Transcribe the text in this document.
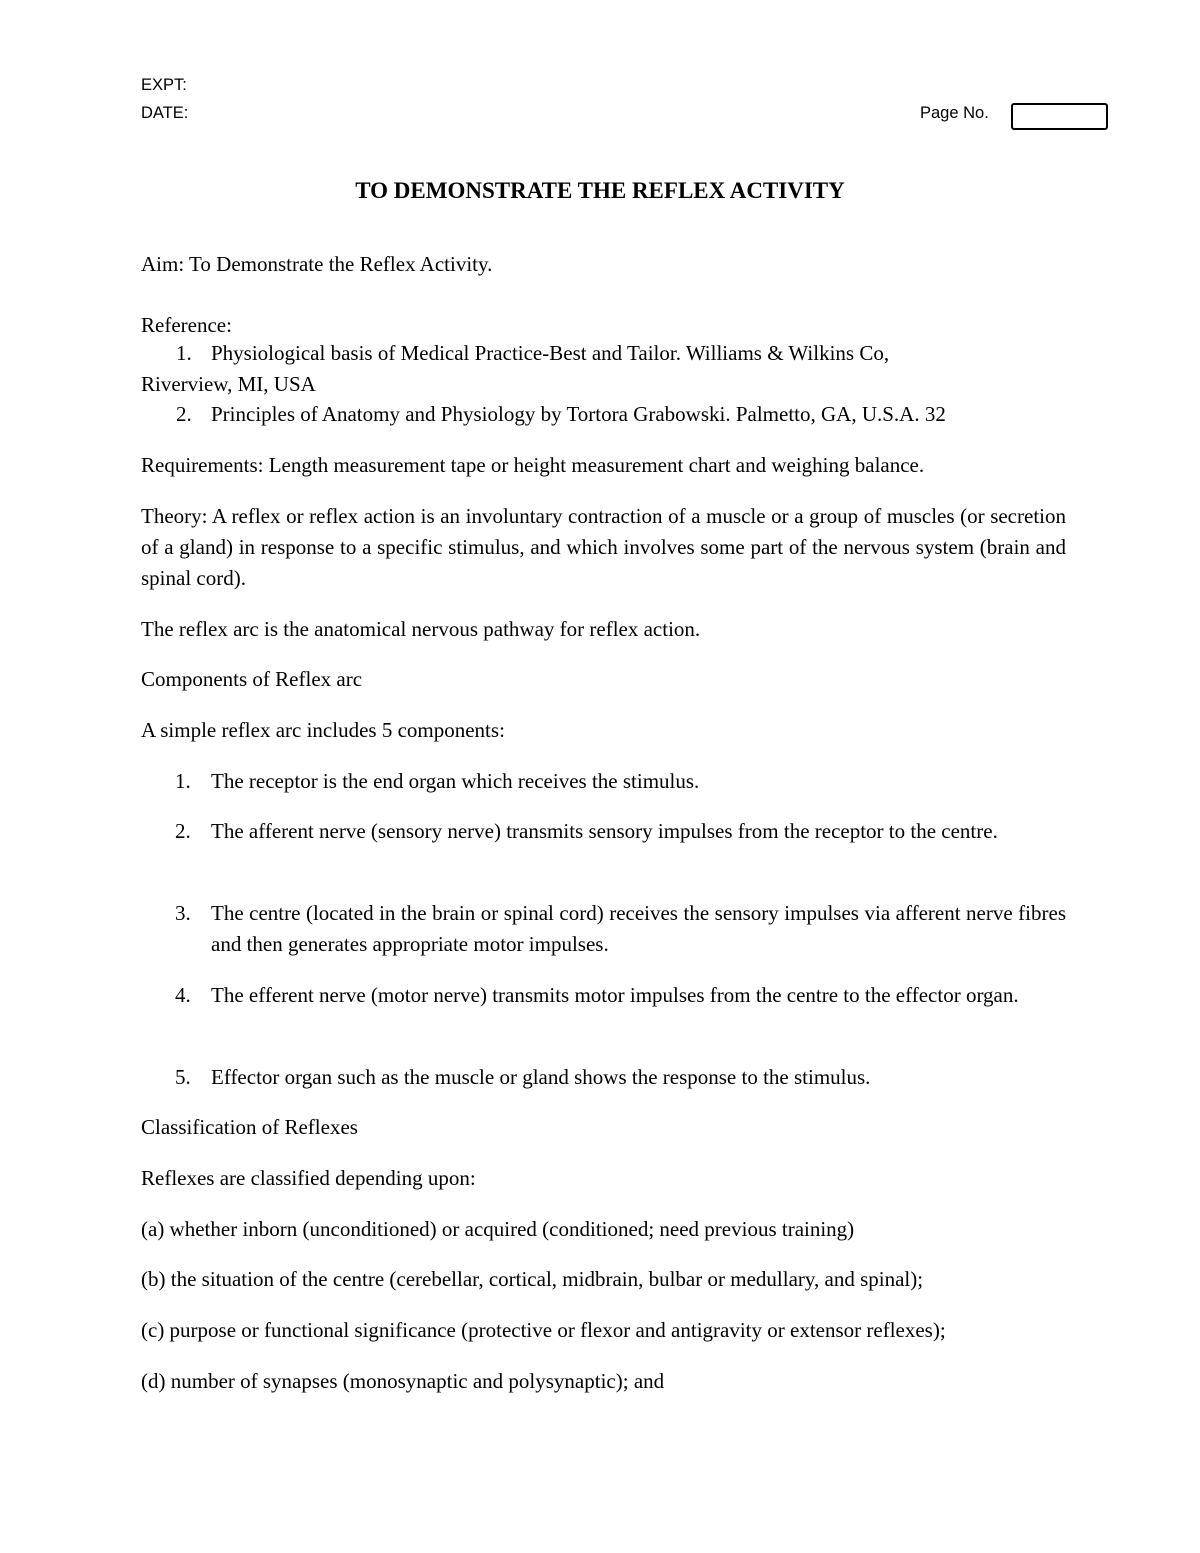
EXPT:
DATE:	Page No.
TO DEMONSTRATE THE REFLEX ACTIVITY
Aim: To Demonstrate the Reflex Activity.
Reference:
1. Physiological basis of Medical Practice-Best and Tailor. Williams & Wilkins Co,
Riverview, MI, USA
2. Principles of Anatomy and Physiology by Tortora Grabowski. Palmetto, GA, U.S.A. 32
Requirements: Length measurement tape or height measurement chart and weighing balance.
Theory: A reflex or reflex action is an involuntary contraction of a muscle or a group of muscles (or secretion of a gland) in response to a specific stimulus, and which involves some part of the nervous system (brain and spinal cord).
The reflex arc is the anatomical nervous pathway for reflex action.
Components of Reflex arc
A simple reflex arc includes 5 components:
1. The receptor is the end organ which receives the stimulus.
2. The afferent nerve (sensory nerve) transmits sensory impulses from the receptor to the centre.
3. The centre (located in the brain or spinal cord) receives the sensory impulses via afferent nerve fibres and then generates appropriate motor impulses.
4. The efferent nerve (motor nerve) transmits motor impulses from the centre to the effector organ.
5. Effector organ such as the muscle or gland shows the response to the stimulus.
Classification of Reflexes
Reflexes are classified depending upon:
(a) whether inborn (unconditioned) or acquired (conditioned; need previous training)
(b) the situation of the centre (cerebellar, cortical, midbrain, bulbar or medullary, and spinal);
(c) purpose or functional significance (protective or flexor and antigravity or extensor reflexes);
(d) number of synapses (monosynaptic and polysynaptic); and
